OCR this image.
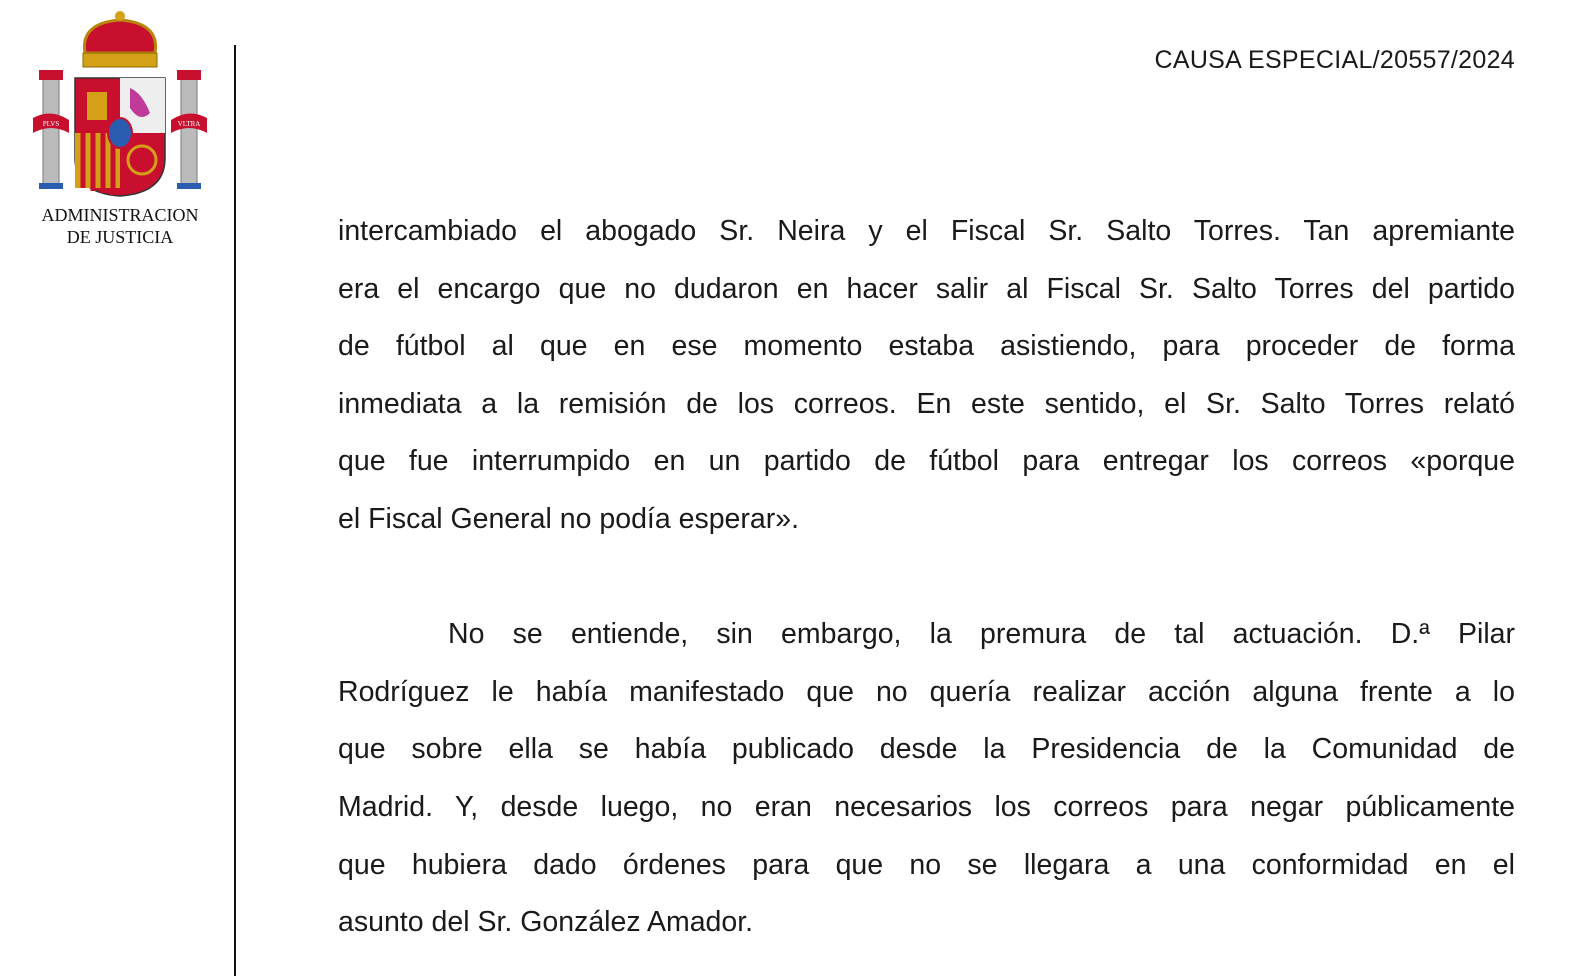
PLVS	VLTRA
ADMINISTRACION
DE JUSTICIA
CAUSA ESPECIAL/20557/2024
intercambiado el abogado Sr. Neira y el Fiscal Sr. Salto Torres. Tan apremiante
era el encargo que no dudaron en hacer salir al Fiscal Sr. Salto Torres del partido
de fútbol al que en ese momento estaba asistiendo, para proceder de forma
inmediata a la remisión de los correos. En este sentido, el Sr. Salto Torres relató
que fue interrumpido en un partido de fútbol para entregar los correos «porque
el Fiscal General no podía esperar».
No se entiende, sin embargo, la premura de tal actuación. D.ª Pilar
Rodríguez le había manifestado que no quería realizar acción alguna frente a lo
que sobre ella se había publicado desde la Presidencia de la Comunidad de
Madrid. Y, desde luego, no eran necesarios los correos para negar públicamente
que hubiera dado órdenes para que no se llegara a una conformidad en el
asunto del Sr. González Amador.
